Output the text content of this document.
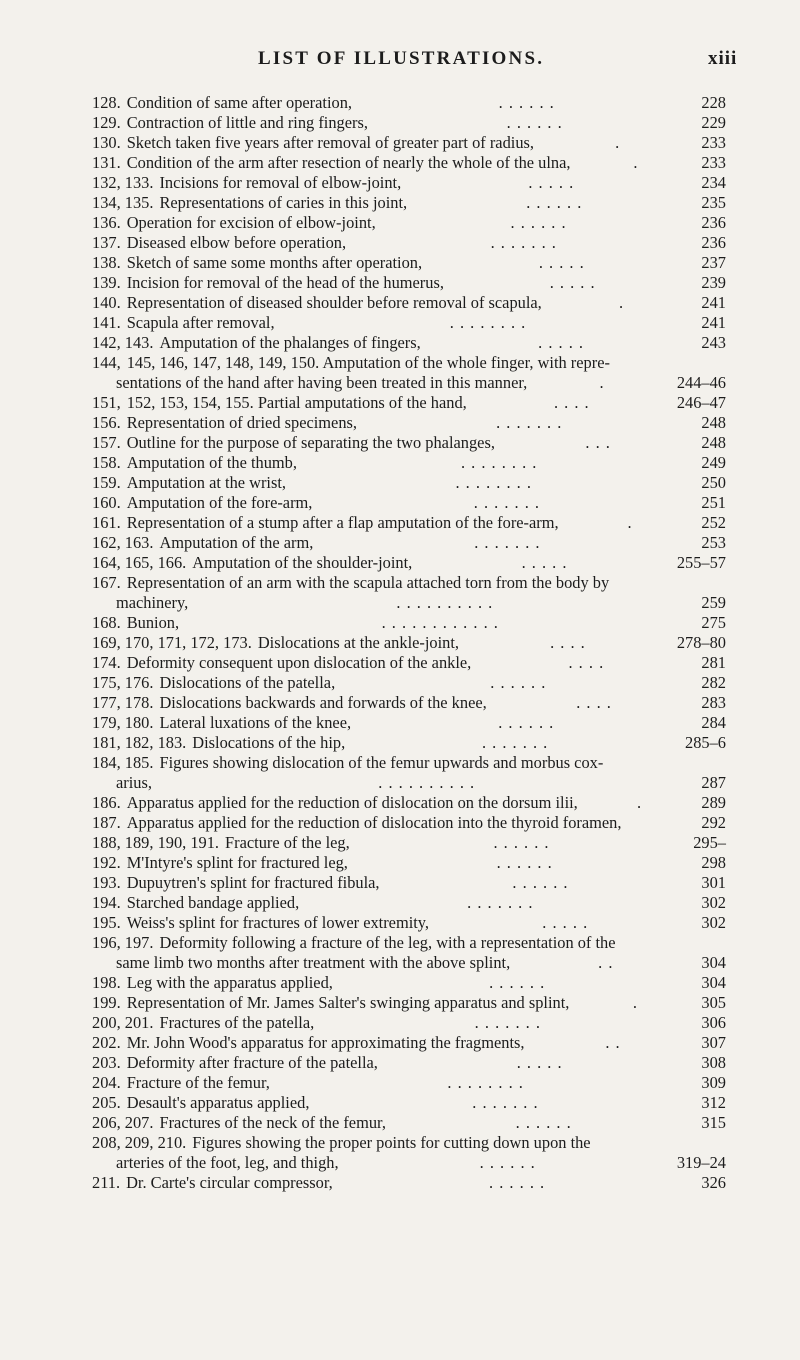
LIST OF ILLUSTRATIONS.	xiii
128. Condition of same after operation,	. . . . . .	228
129. Contraction of little and ring fingers,	. . . . . .	229
130. Sketch taken five years after removal of greater part of radius,	.	233
131. Condition of the arm after resection of nearly the whole of the ulna,	.	233
132, 133. Incisions for removal of elbow-joint,	. . . . .	234
134, 135. Representations of caries in this joint,	. . . . . .	235
136. Operation for excision of elbow-joint,	. . . . . .	236
137. Diseased elbow before operation,	. . . . . . .	236
138. Sketch of same some months after operation,	. . . . .	237
139. Incision for removal of the head of the humerus,	. . . . .	239
140. Representation of diseased shoulder before removal of scapula,	.	241
141. Scapula after removal,	. . . . . . . .	241
142, 143. Amputation of the phalanges of fingers,	. . . . .	243
144, 145, 146, 147, 148, 149, 150. Amputation of the whole finger, with repre-
sentations of the hand after having been treated in this manner,	.	244–46
151, 152, 153, 154, 155. Partial amputations of the hand,	. . . .	246–47
156. Representation of dried specimens,	. . . . . . .	248
157. Outline for the purpose of separating the two phalanges,	. . .	248
158. Amputation of the thumb,	. . . . . . . .	249
159. Amputation at the wrist,	. . . . . . . .	250
160. Amputation of the fore-arm,	. . . . . . .	251
161. Representation of a stump after a flap amputation of the fore-arm,	.	252
162, 163. Amputation of the arm,	. . . . . . .	253
164, 165, 166. Amputation of the shoulder-joint,	. . . . .	255–57
167. Representation of an arm with the scapula attached torn from the body by
machinery,	. . . . . . . . . .	259
168. Bunion,	. . . . . . . . . . . .	275
169, 170, 171, 172, 173. Dislocations at the ankle-joint,	. . . .	278–80
174. Deformity consequent upon dislocation of the ankle,	. . . .	281
175, 176. Dislocations of the patella,	. . . . . .	282
177, 178. Dislocations backwards and forwards of the knee,	. . . .	283
179, 180. Lateral luxations of the knee,	. . . . . .	284
181, 182, 183. Dislocations of the hip,	. . . . . . .	285–6
184, 185. Figures showing dislocation of the femur upwards and morbus cox-
arius,	. . . . . . . . . .	287
186. Apparatus applied for the reduction of dislocation on the dorsum ilii,	.	289
187. Apparatus applied for the reduction of dislocation into the thyroid foramen,	292
188, 189, 190, 191. Fracture of the leg,	. . . . . .	295–
192. M'Intyre's splint for fractured leg,	. . . . . .	298
193. Dupuytren's splint for fractured fibula,	. . . . . .	301
194. Starched bandage applied,	. . . . . . .	302
195. Weiss's splint for fractures of lower extremity,	. . . . .	302
196, 197. Deformity following a fracture of the leg, with a representation of the
same limb two months after treatment with the above splint,	. .	304
198. Leg with the apparatus applied,	. . . . . .	304
199. Representation of Mr. James Salter's swinging apparatus and splint,	.	305
200, 201. Fractures of the patella,	. . . . . . .	306
202. Mr. John Wood's apparatus for approximating the fragments,	. .	307
203. Deformity after fracture of the patella,	. . . . .	308
204. Fracture of the femur,	. . . . . . . .	309
205. Desault's apparatus applied,	. . . . . . .	312
206, 207. Fractures of the neck of the femur,	. . . . . .	315
208, 209, 210. Figures showing the proper points for cutting down upon the
arteries of the foot, leg, and thigh,	. . . . . .	319–24
211. Dr. Carte's circular compressor,	. . . . . .	326
